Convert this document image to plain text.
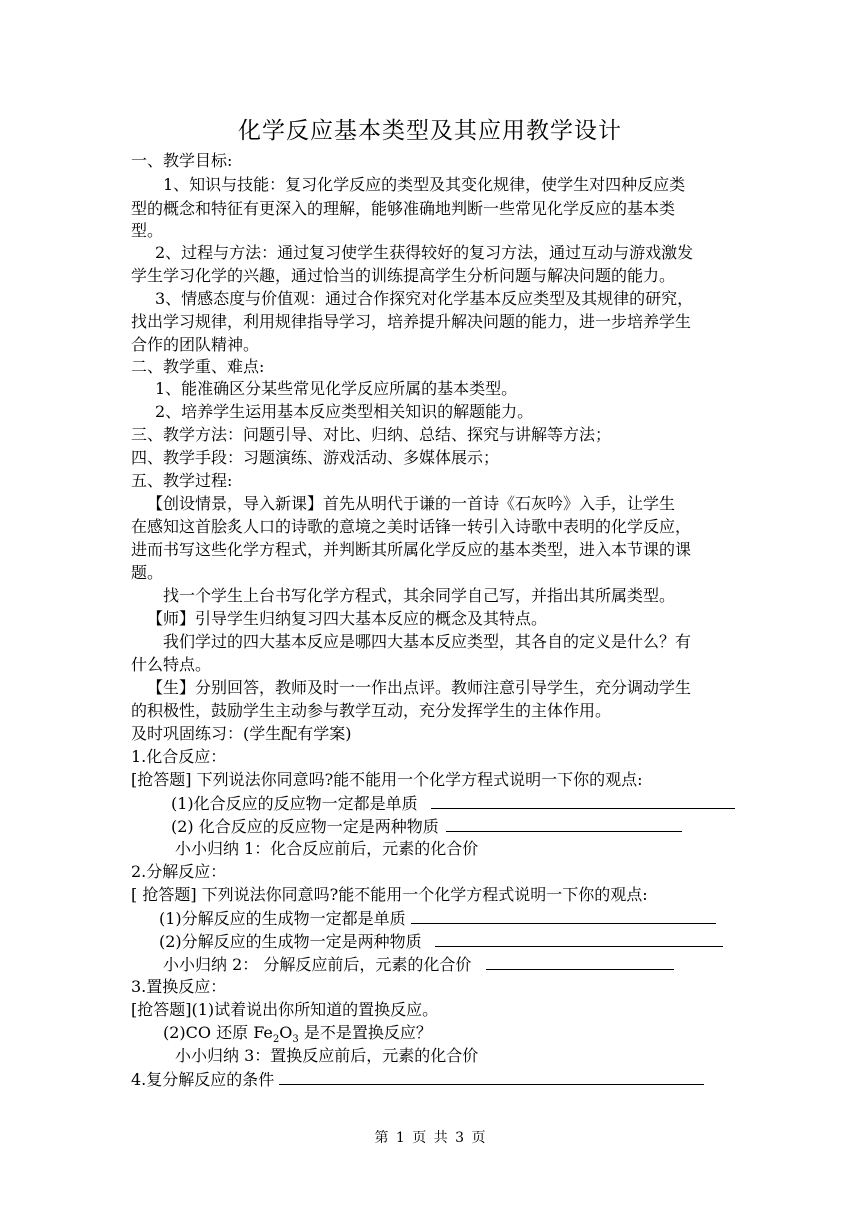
化学反应基本类型及其应用教学设计
一、教学目标:
1、知识与技能：复习化学反应的类型及其变化规律，使学生对四种反应类
型的概念和特征有更深入的理解，能够准确地判断一些常见化学反应的基本类
型。
2、过程与方法：通过复习使学生获得较好的复习方法，通过互动与游戏激发
学生学习化学的兴趣，通过恰当的训练提高学生分析问题与解决问题的能力。
3、情感态度与价值观：通过合作探究对化学基本反应类型及其规律的研究，
找出学习规律，利用规律指导学习，培养提升解决问题的能力，进一步培养学生
合作的团队精神。
二、教学重、难点:
1、能准确区分某些常见化学反应所属的基本类型。
2、培养学生运用基本反应类型相关知识的解题能力。
三、教学方法：问题引导、对比、归纳、总结、探究与讲解等方法；
四、教学手段：习题演练、游戏活动、多媒体展示；
五、教学过程:
【创设情景，导入新课】首先从明代于谦的一首诗《石灰吟》入手，让学生
在感知这首脍炙人口的诗歌的意境之美时话锋一转引入诗歌中表明的化学反应，
进而书写这些化学方程式，并判断其所属化学反应的基本类型，进入本节课的课
题。
找一个学生上台书写化学方程式，其余同学自己写，并指出其所属类型。
【师】引导学生归纳复习四大基本反应的概念及其特点。
我们学过的四大基本反应是哪四大基本反应类型，其各自的定义是什么？有
什么特点。
【生】分别回答，教师及时一一作出点评。教师注意引导学生，充分调动学生
的积极性，鼓励学生主动参与教学互动，充分发挥学生的主体作用。
及时巩固练习：(学生配有学案)
1.化合反应：
[抢答题] 下列说法你同意吗?能不能用一个化学方程式说明一下你的观点:
(1)化合反应的反应物一定都是单质
(2) 化合反应的反应物一定是两种物质
小小归纳 1：化合反应前后，元素的化合价
2.分解反应：
[ 抢答题] 下列说法你同意吗?能不能用一个化学方程式说明一下你的观点:
(1)分解反应的生成物一定都是单质
(2)分解反应的生成物一定是两种物质
小小归纳 2： 分解反应前后，元素的化合价
3.置换反应：
[抢答题](1)试着说出你所知道的置换反应。
(2)CO 还原 $Fe_2O_3$ 是不是置换反应？
小小归纳 3：置换反应前后，元素的化合价
4.复分解反应的条件
第 1 页 共 3 页
